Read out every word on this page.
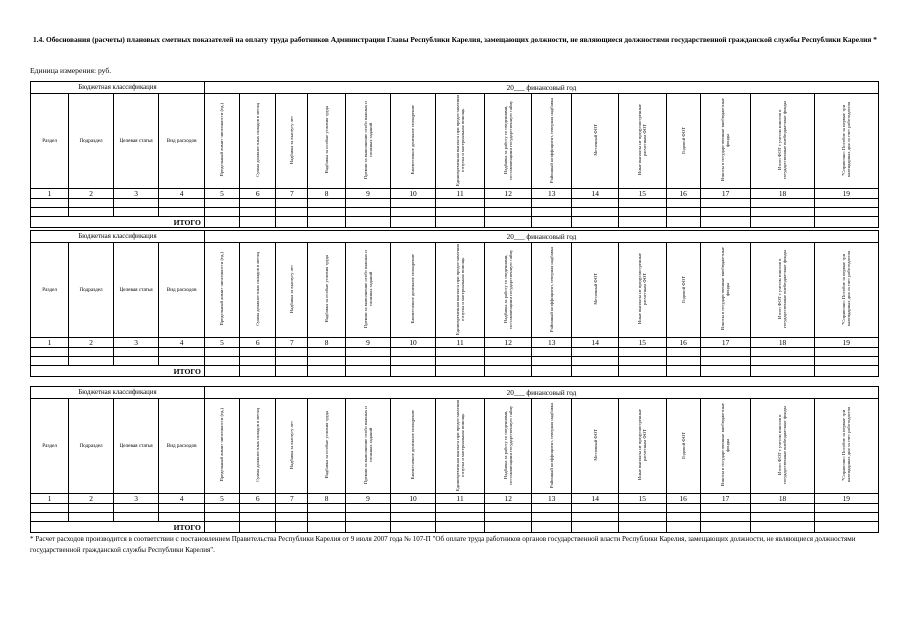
1.4. Обоснования (расчеты) плановых сметных показателей на оплату труда работников Администрации Главы Республики Карелия, замещающих должности, не являющиеся должностями государственной гражданской службы Республики Карелия *
Единица измерения: руб.
Бюджетная классификация				20___ финансовый год														
Раздел	Подраздел	Целевая статья	Вид расходов	Предельный лимит численности (ед.)	Сумма должностных окладов в месяц	Надбавка за выслугу лет	Надбавка за особые условия труда	Премии за выполнение особо важных и сложных заданий	Ежемесячное денежное поощрение	Единовременная выплата при предоставлении отпуска и материальная помощь	Надбавка за работу со сведениями, составляющими государственную тайну	Районный коэффициент, северная надбавка	Месячный ФОТ	Иные выплаты не предусмотренные расчетным ФОТ	Годовой ФОТ	Взносы в государственные внебюджетные фонды	Итого ФОТ с учетом взносов в государственные внебюджетные фонды	*Справочно: Пособие за первые три календарных дня за счет работодателя
1	2	3	4	5	6	7	8	9	10	11	12	13	14	15	16	17	18	19

ИТОГО																		
Бюджетная классификация				20___ финансовый год														
Раздел	Подраздел	Целевая статья	Вид расходов	Предельный лимит численности (ед.)	Сумма должностных окладов в месяц	Надбавка за выслугу лет	Надбавка за особые условия труда	Премии за выполнение особо важных и сложных заданий	Ежемесячное денежное поощрение	Единовременная выплата при предоставлении отпуска и материальная помощь	Надбавка за работу со сведениями, составляющими государственную тайну	Районный коэффициент, северная надбавка	Месячный ФОТ	Иные выплаты не предусмотренные расчетным ФОТ	Годовой ФОТ	Взносы в государственные внебюджетные фонды	Итого ФОТ с учетом взносов в государственные внебюджетные фонды	*Справочно: Пособие за первые три календарных дня за счет работодателя
1	2	3	4	5	6	7	8	9	10	11	12	13	14	15	16	17	18	19

ИТОГО																		
Бюджетная классификация				20___ финансовый год														
Раздел	Подраздел	Целевая статья	Вид расходов	Предельный лимит численности (ед.)	Сумма должностных окладов в месяц	Надбавка за выслугу лет	Надбавка за особые условия труда	Премии за выполнение особо важных и сложных заданий	Ежемесячное денежное поощрение	Единовременная выплата при предоставлении отпуска и материальная помощь	Надбавка за работу со сведениями, составляющими государственную тайну	Районный коэффициент, северная надбавка	Месячный ФОТ	Иные выплаты не предусмотренные расчетным ФОТ	Годовой ФОТ	Взносы в государственные внебюджетные фонды	Итого ФОТ с учетом взносов в государственные внебюджетные фонды	*Справочно: Пособие за первые три календарных дня за счет работодателя
1	2	3	4	5	6	7	8	9	10	11	12	13	14	15	16	17	18	19

ИТОГО																		
* Расчет расходов производится в соответствии с постановлением Правительства Республики Карелия от 9 июля 2007 года № 107-П "Об оплате труда работников органов государственной власти Республики Карелия, замещающих должности, не являющиеся должностями государственной гражданской службы Республики Карелия".
